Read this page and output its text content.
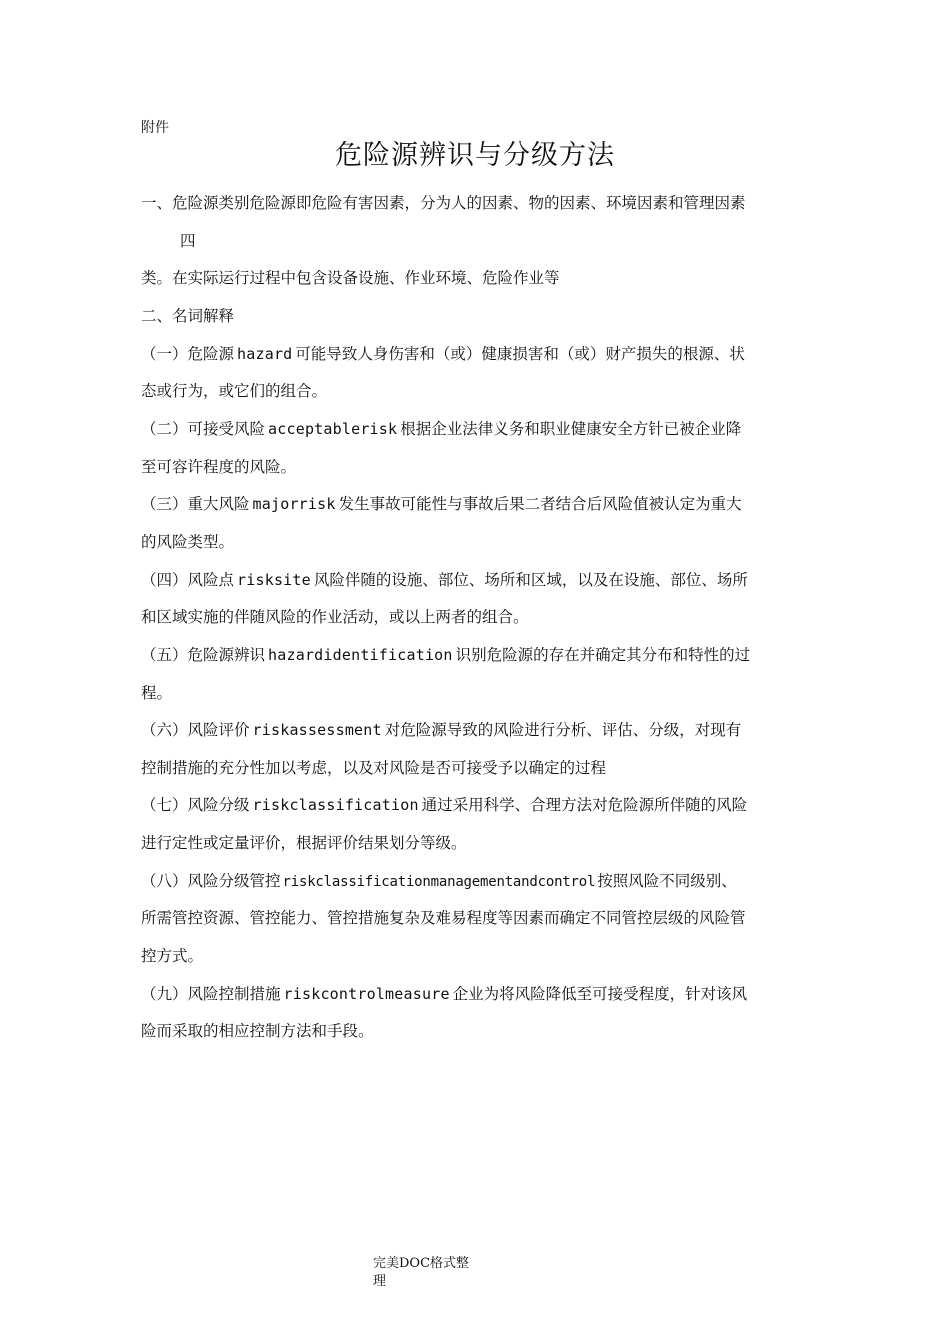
附件
危险源辨识与分级方法
一、危险源类别危险源即危险有害因素，分为人的因素、物的因素、环境因素和管理因素
四
类。在实际运行过程中包含设备设施、作业环境、危险作业等
二、名词解释
（一）危险源 hazard 可能导致人身伤害和（或）健康损害和（或）财产损失的根源、状
态或行为，或它们的组合。
（二）可接受风险 acceptablerisk 根据企业法律义务和职业健康安全方针已被企业降
至可容许程度的风险。
（三）重大风险 majorrisk 发生事故可能性与事故后果二者结合后风险值被认定为重大
的风险类型。
（四）风险点 risksite 风险伴随的设施、部位、场所和区域，以及在设施、部位、场所
和区域实施的伴随风险的作业活动，或以上两者的组合。
（五）危险源辨识 hazardidentification 识别危险源的存在并确定其分布和特性的过
程。
（六）风险评价 riskassessment 对危险源导致的风险进行分析、评估、分级，对现有
控制措施的充分性加以考虑，以及对风险是否可接受予以确定的过程
（七）风险分级 riskclassification 通过采用科学、合理方法对危险源所伴随的风险
进行定性或定量评价，根据评价结果划分等级。
（八）风险分级管控 riskclassificationmanagementandcontrol 按照风险不同级别、
所需管控资源、管控能力、管控措施复杂及难易程度等因素而确定不同管控层级的风险管
控方式。
（九）风险控制措施 riskcontrolmeasure 企业为将风险降低至可接受程度，针对该风
险而采取的相应控制方法和手段。
完美DOC格式整
理
